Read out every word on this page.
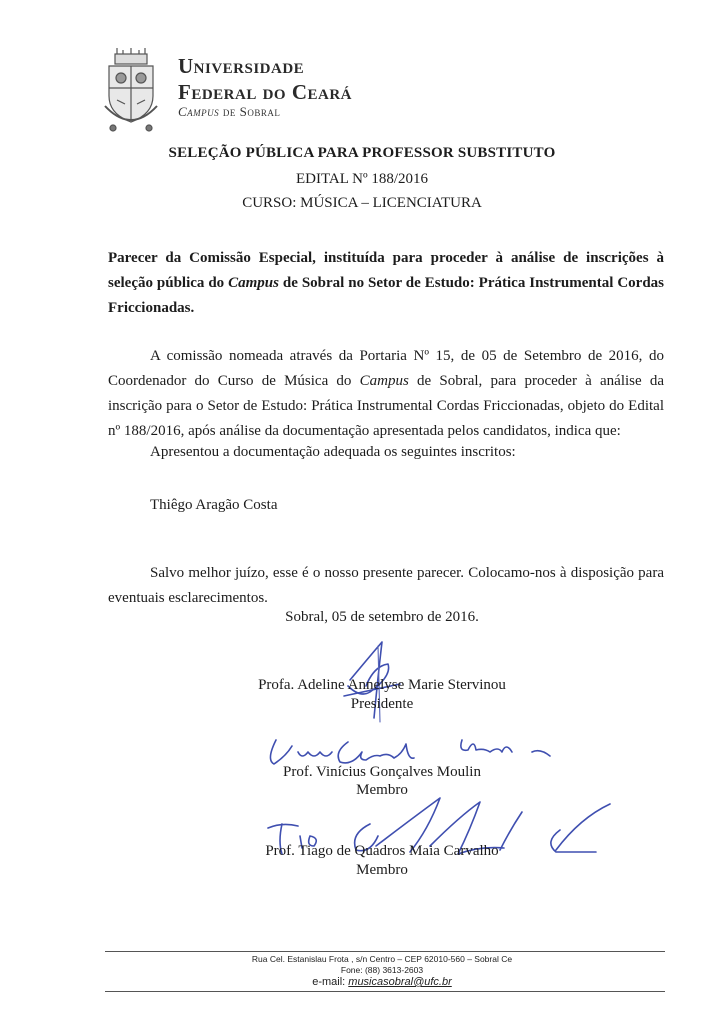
Universidade
Federal do Ceará
Campus de Sobral
SELEÇÃO PÚBLICA PARA PROFESSOR SUBSTITUTO
EDITAL Nº 188/2016
CURSO: MÚSICA – LICENCIATURA
Parecer da Comissão Especial, instituída para proceder à análise de inscrições à seleção pública do Campus de Sobral no Setor de Estudo: Prática Instrumental Cordas Friccionadas.
A comissão nomeada através da Portaria Nº 15, de 05 de Setembro de 2016, do Coordenador do Curso de Música do Campus de Sobral, para proceder à análise da inscrição para o Setor de Estudo: Prática Instrumental Cordas Friccionadas, objeto do Edital nº 188/2016, após análise da documentação apresentada pelos candidatos, indica que:
Apresentou a documentação adequada os seguintes inscritos:
Thiêgo Aragão Costa
Salvo melhor juízo, esse é o nosso presente parecer. Colocamo-nos à disposição para eventuais esclarecimentos.
Sobral, 05 de setembro de 2016.
Profa. Adeline Annelyse Marie Stervinou
Presidente
Prof. Vinícius Gonçalves Moulin
Membro
Prof. Tiago de Quadros Maia Carvalho
Membro
Rua Cel. Estanislau Frota , s/n Centro – CEP 62010-560 – Sobral Ce
Fone: (88) 3613-2603
e-mail: musicasobral@ufc.br
